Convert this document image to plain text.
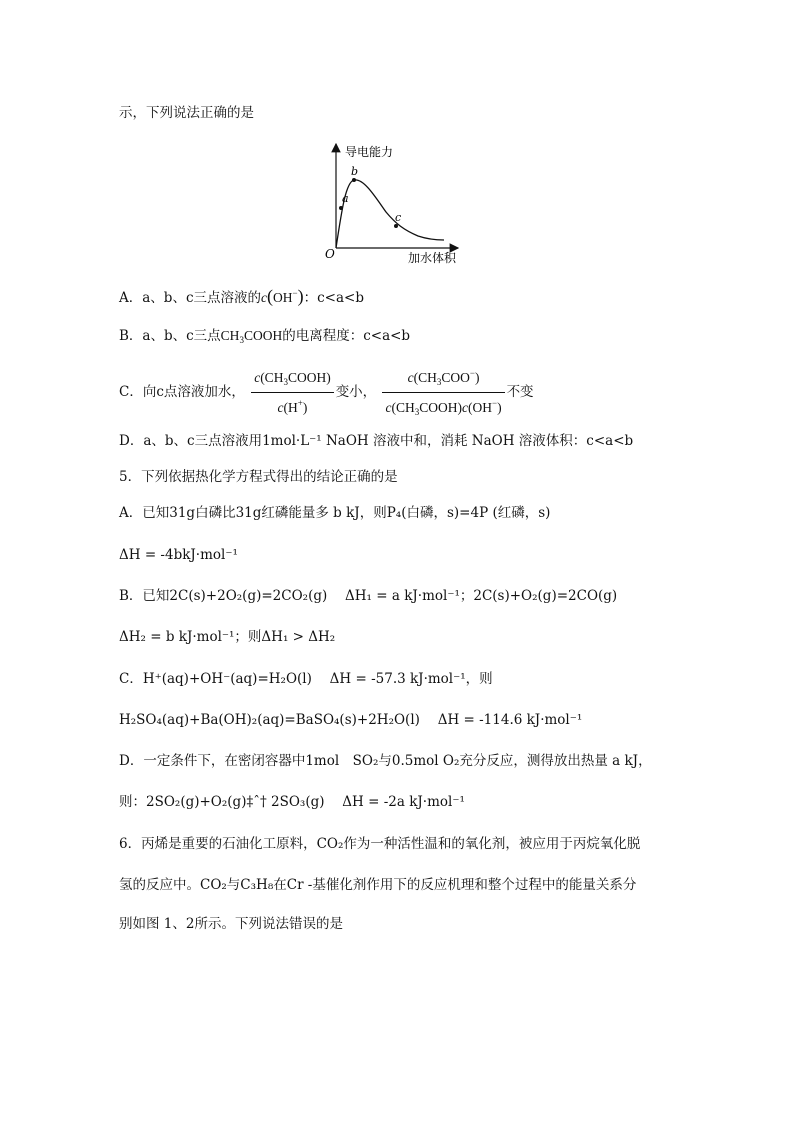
示，下列说法正确的是
导电能力
加水体积
O
a
b
c
A．a、b、c三点溶液的c(OH−)：c<a<b
B．a、b、c三点$CH_3COOH$的电离程度：c<a<b
C．向c点溶液加水， $\frac{c(CH_3COOH)}{c(H^+)}$ 变小， $\frac{c(CH_3COO^-)}{c(CH_3COOH)c(OH^-)}$ 不变
D．a、b、c三点溶液用1mol·L⁻¹ NaOH 溶液中和，消耗 NaOH 溶液体积：c<a<b
5．下列依据热化学方程式得出的结论正确的是
A．已知31g白磷比31g红磷能量多 b kJ，则P₄(白磷，s)=4P (红磷，s)
ΔH = -4bkJ·mol⁻¹
B．已知2C(s)+2O₂(g)=2CO₂(g)　 ΔH₁ = a kJ·mol⁻¹；2C(s)+O₂(g)=2CO(g)
ΔH₂ = b kJ·mol⁻¹；则ΔH₁ > ΔH₂
C．H⁺(aq)+OH⁻(aq)=H₂O(l)　 ΔH = -57.3 kJ·mol⁻¹，则
H₂SO₄(aq)+Ba(OH)₂(aq)=BaSO₄(s)+2H₂O(l)　 ΔH = -114.6 kJ·mol⁻¹
D．一定条件下，在密闭容器中1mol　SO₂与0.5mol O₂充分反应，测得放出热量 a kJ，
则：2SO₂(g)+O₂(g)‡ˆ† 2SO₃(g)　 ΔH = -2a kJ·mol⁻¹
6．丙烯是重要的石油化工原料，CO₂作为一种活性温和的氧化剂，被应用于丙烷氧化脱
氢的反应中。CO₂与C₃H₈在Cr -基催化剂作用下的反应机理和整个过程中的能量关系分
别如图 1、2所示。下列说法错误的是
